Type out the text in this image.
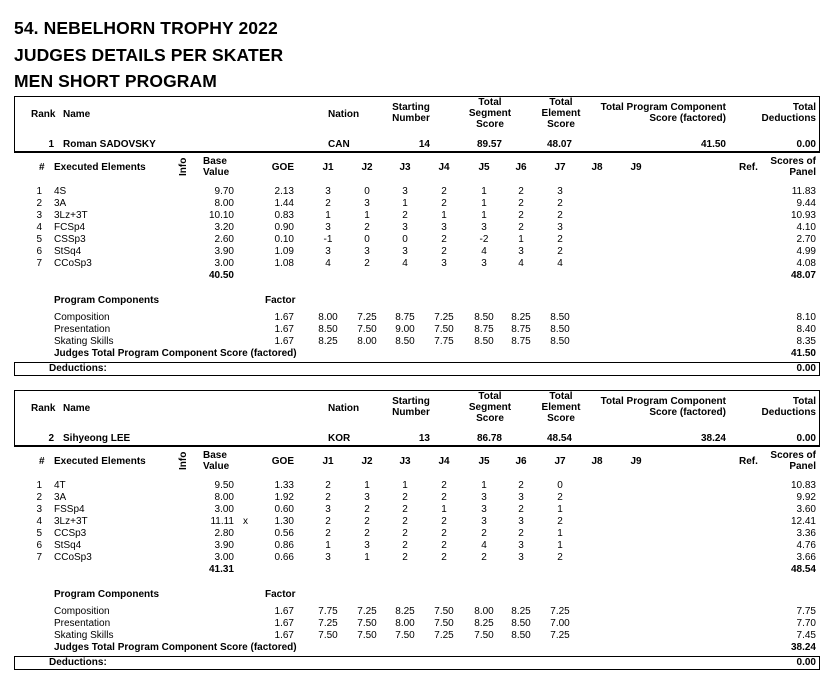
54. NEBELHORN TROPHY 2022
JUDGES DETAILS PER SKATER
MEN SHORT PROGRAM
Rank Name	Nation
Starting
Number
Total
Segment
Score
Total
Element
Score
Total Program Component
Score (factored)
Total
Deductions
1 Roman SADOVSKY	CAN	14	89.57	48.07	41.50	0.00
# Executed Elements	Info Base
Value	GOE	J1	J2	J3	J4	J5	J6	J7	J8	J9	Ref.
Scores of
Panel
1 4S	9.70	2.13	3	0	3	2	1	2	3	11.83
2 3A	8.00	1.44	2	3	1	2	1	2	2	9.44
3 3Lz+3T	10.10	0.83	1	1	2	1	1	2	2	10.93
4 FCSp4	3.20	0.90	3	2	3	3	3	2	3	4.10
5 CSSp3	2.60	0.10	-1	0	0	2	-2	1	2	2.70
6 StSq4	3.90	1.09	3	3	3	2	4	3	2	4.99
7 CCoSp3	3.00	1.08	4	2	4	3	3	4	4	4.08
40.50	48.07
Program Components	Factor
Composition	1.67	8.00	7.25	8.75	7.25	8.50	8.25	8.50	8.10
Presentation	1.67	8.50	7.50	9.00	7.50	8.75	8.75	8.50	8.40
Skating Skills	1.67	8.25	8.00	8.50	7.75	8.50	8.75	8.50	8.35
Judges Total Program Component Score (factored)	41.50
Deductions:	0.00
Rank Name	Nation
Starting
Number
Total
Segment
Score
Total
Element
Score
Total Program Component
Score (factored)
Total
Deductions
2 Sihyeong LEE	KOR	13	86.78	48.54	38.24	0.00
# Executed Elements	Info Base
Value	GOE	J1	J2	J3	J4	J5	J6	J7	J8	J9	Ref.
Scores of
Panel
1 4T	9.50	1.33	2	1	1	2	1	2	0	10.83
2 3A	8.00	1.92	2	3	2	2	3	3	2	9.92
3 FSSp4	3.00	0.60	3	2	2	1	3	2	1	3.60
4 3Lz+3T	11.11 x	1.30	2	2	2	2	3	3	2	12.41
5 CCSp3	2.80	0.56	2	2	2	2	2	2	1	3.36
6 StSq4	3.90	0.86	1	3	2	2	4	3	1	4.76
7 CCoSp3	3.00	0.66	3	1	2	2	2	3	2	3.66
41.31	48.54
Program Components	Factor
Composition	1.67	7.75	7.25	8.25	7.50	8.00	8.25	7.25	7.75
Presentation	1.67	7.25	7.50	8.00	7.50	8.25	8.50	7.00	7.70
Skating Skills	1.67	7.50	7.50	7.50	7.25	7.50	8.50	7.25	7.45
Judges Total Program Component Score (factored)	38.24
Deductions:	0.00
